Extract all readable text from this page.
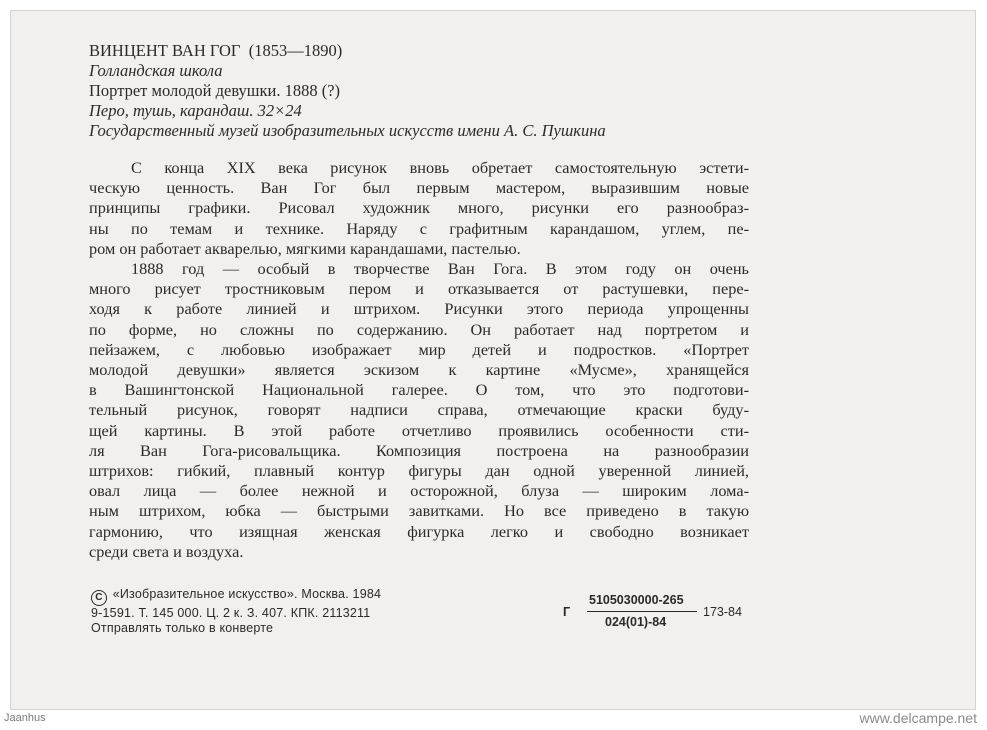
ВИНЦЕНТ ВАН ГОГ (1853—1890)
Голландская школа
Портрет молодой девушки. 1888 (?)
Перо, тушь, карандаш. 32×24
Государственный музей изобразительных искусств имени А. С. Пушкина
С конца XIX века рисунок вновь обретает самостоятельную эстети-
ческую ценность. Ван Гог был первым мастером, выразившим новые
принципы графики. Рисовал художник много, рисунки его разнообраз-
ны по темам и технике. Наряду с графитным карандашом, углем, пе-
ром он работает акварелью, мягкими карандашами, пастелью.
1888 год — особый в творчестве Ван Гога. В этом году он очень
много рисует тростниковым пером и отказывается от растушевки, пере-
ходя к работе линией и штрихом. Рисунки этого периода упрощенны
по форме, но сложны по содержанию. Он работает над портретом и
пейзажем, с любовью изображает мир детей и подростков. «Портрет
молодой девушки» является эскизом к картине «Мусме», хранящейся
в Вашингтонской Национальной галерее. О том, что это подготови-
тельный рисунок, говорят надписи справа, отмечающие краски буду-
щей картины. В этой работе отчетливо проявились особенности сти-
ля Ван Гога-рисовальщика. Композиция построена на разнообразии
штрихов: гибкий, плавный контур фигуры дан одной уверенной линией,
овал лица — более нежной и осторожной, блуза — широким лома-
ным штрихом, юбка — быстрыми завитками. Но все приведено в такую
гармонию, что изящная женская фигурка легко и свободно возникает
среди света и воздуха.
C «Изобразительное искусство». Москва. 1984
9-1591. Т. 145 000. Ц. 2 к. З. 407. КПК. 2113211
Отправлять только в конверте
Г
5105030000-265
024(01)-84
173-84
Jaanhus	www.delcampe.net
